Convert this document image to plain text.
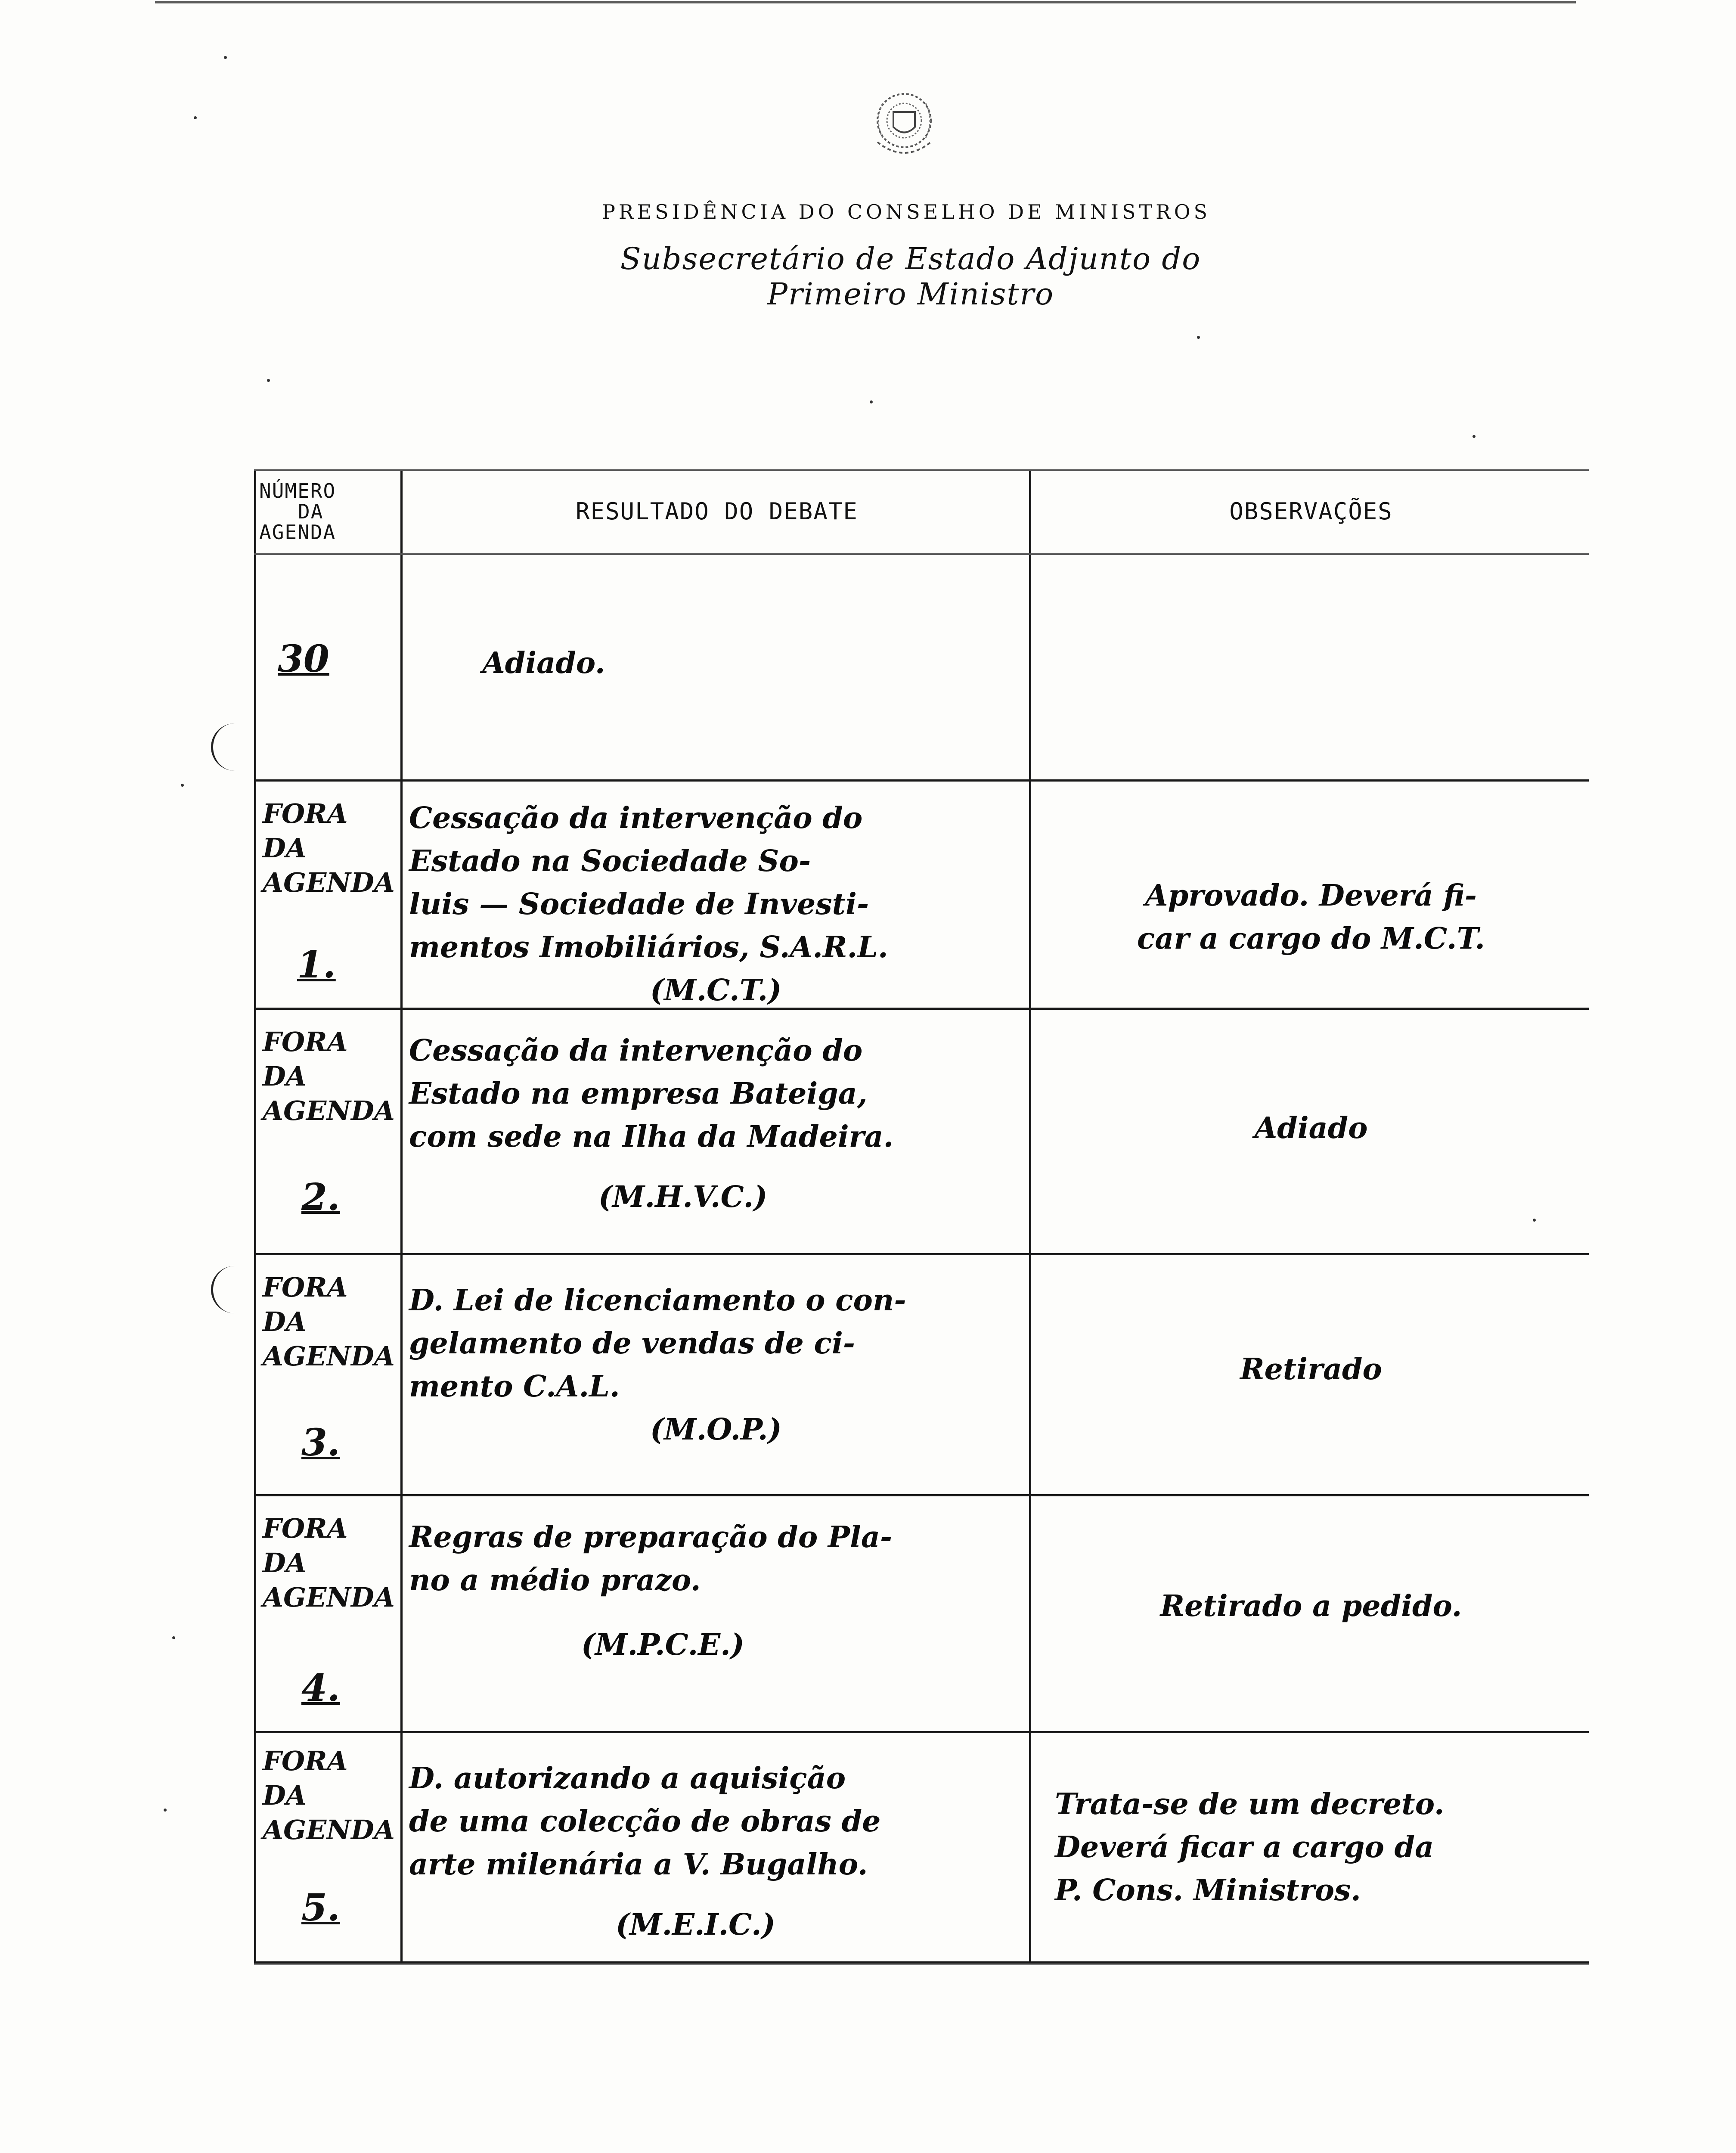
PRESIDÊNCIA DO CONSELHO DE MINISTROS
Subsecretário de Estado Adjunto do Primeiro Ministro
NÚMERO
DA
AGENDA
RESULTADO DO DEBATE	OBSERVAÇÕES
30	Adiado.
FORA DA AGENDA
1.
Cessação da intervenção do
Estado na Sociedade So-
luis — Sociedade de Investi-
mentos Imobiliários, S.A.R.L.
(M.C.T.)
Aprovado. Deverá fi-
car a cargo do M.C.T.
FORA DA AGENDA
2.
Cessação da intervenção do
Estado na empresa Bateiga,
com sede na Ilha da Madeira.
(M.H.V.C.)
Adiado
FORA DA AGENDA
3.
D. Lei de licenciamento o con-
gelamento de vendas de ci-
mento C.A.L.
(M.O.P.)
Retirado
FORA DA AGENDA
4.
Regras de preparação do Pla-
no a médio prazo.
(M.P.C.E.)
Retirado a pedido.
FORA DA AGENDA
5.
D. autorizando a aquisição
de uma colecção de obras de
arte milenária a V. Bugalho.
(M.E.I.C.)
Trata-se de um decreto.
Deverá ficar a cargo da
P. Cons. Ministros.
